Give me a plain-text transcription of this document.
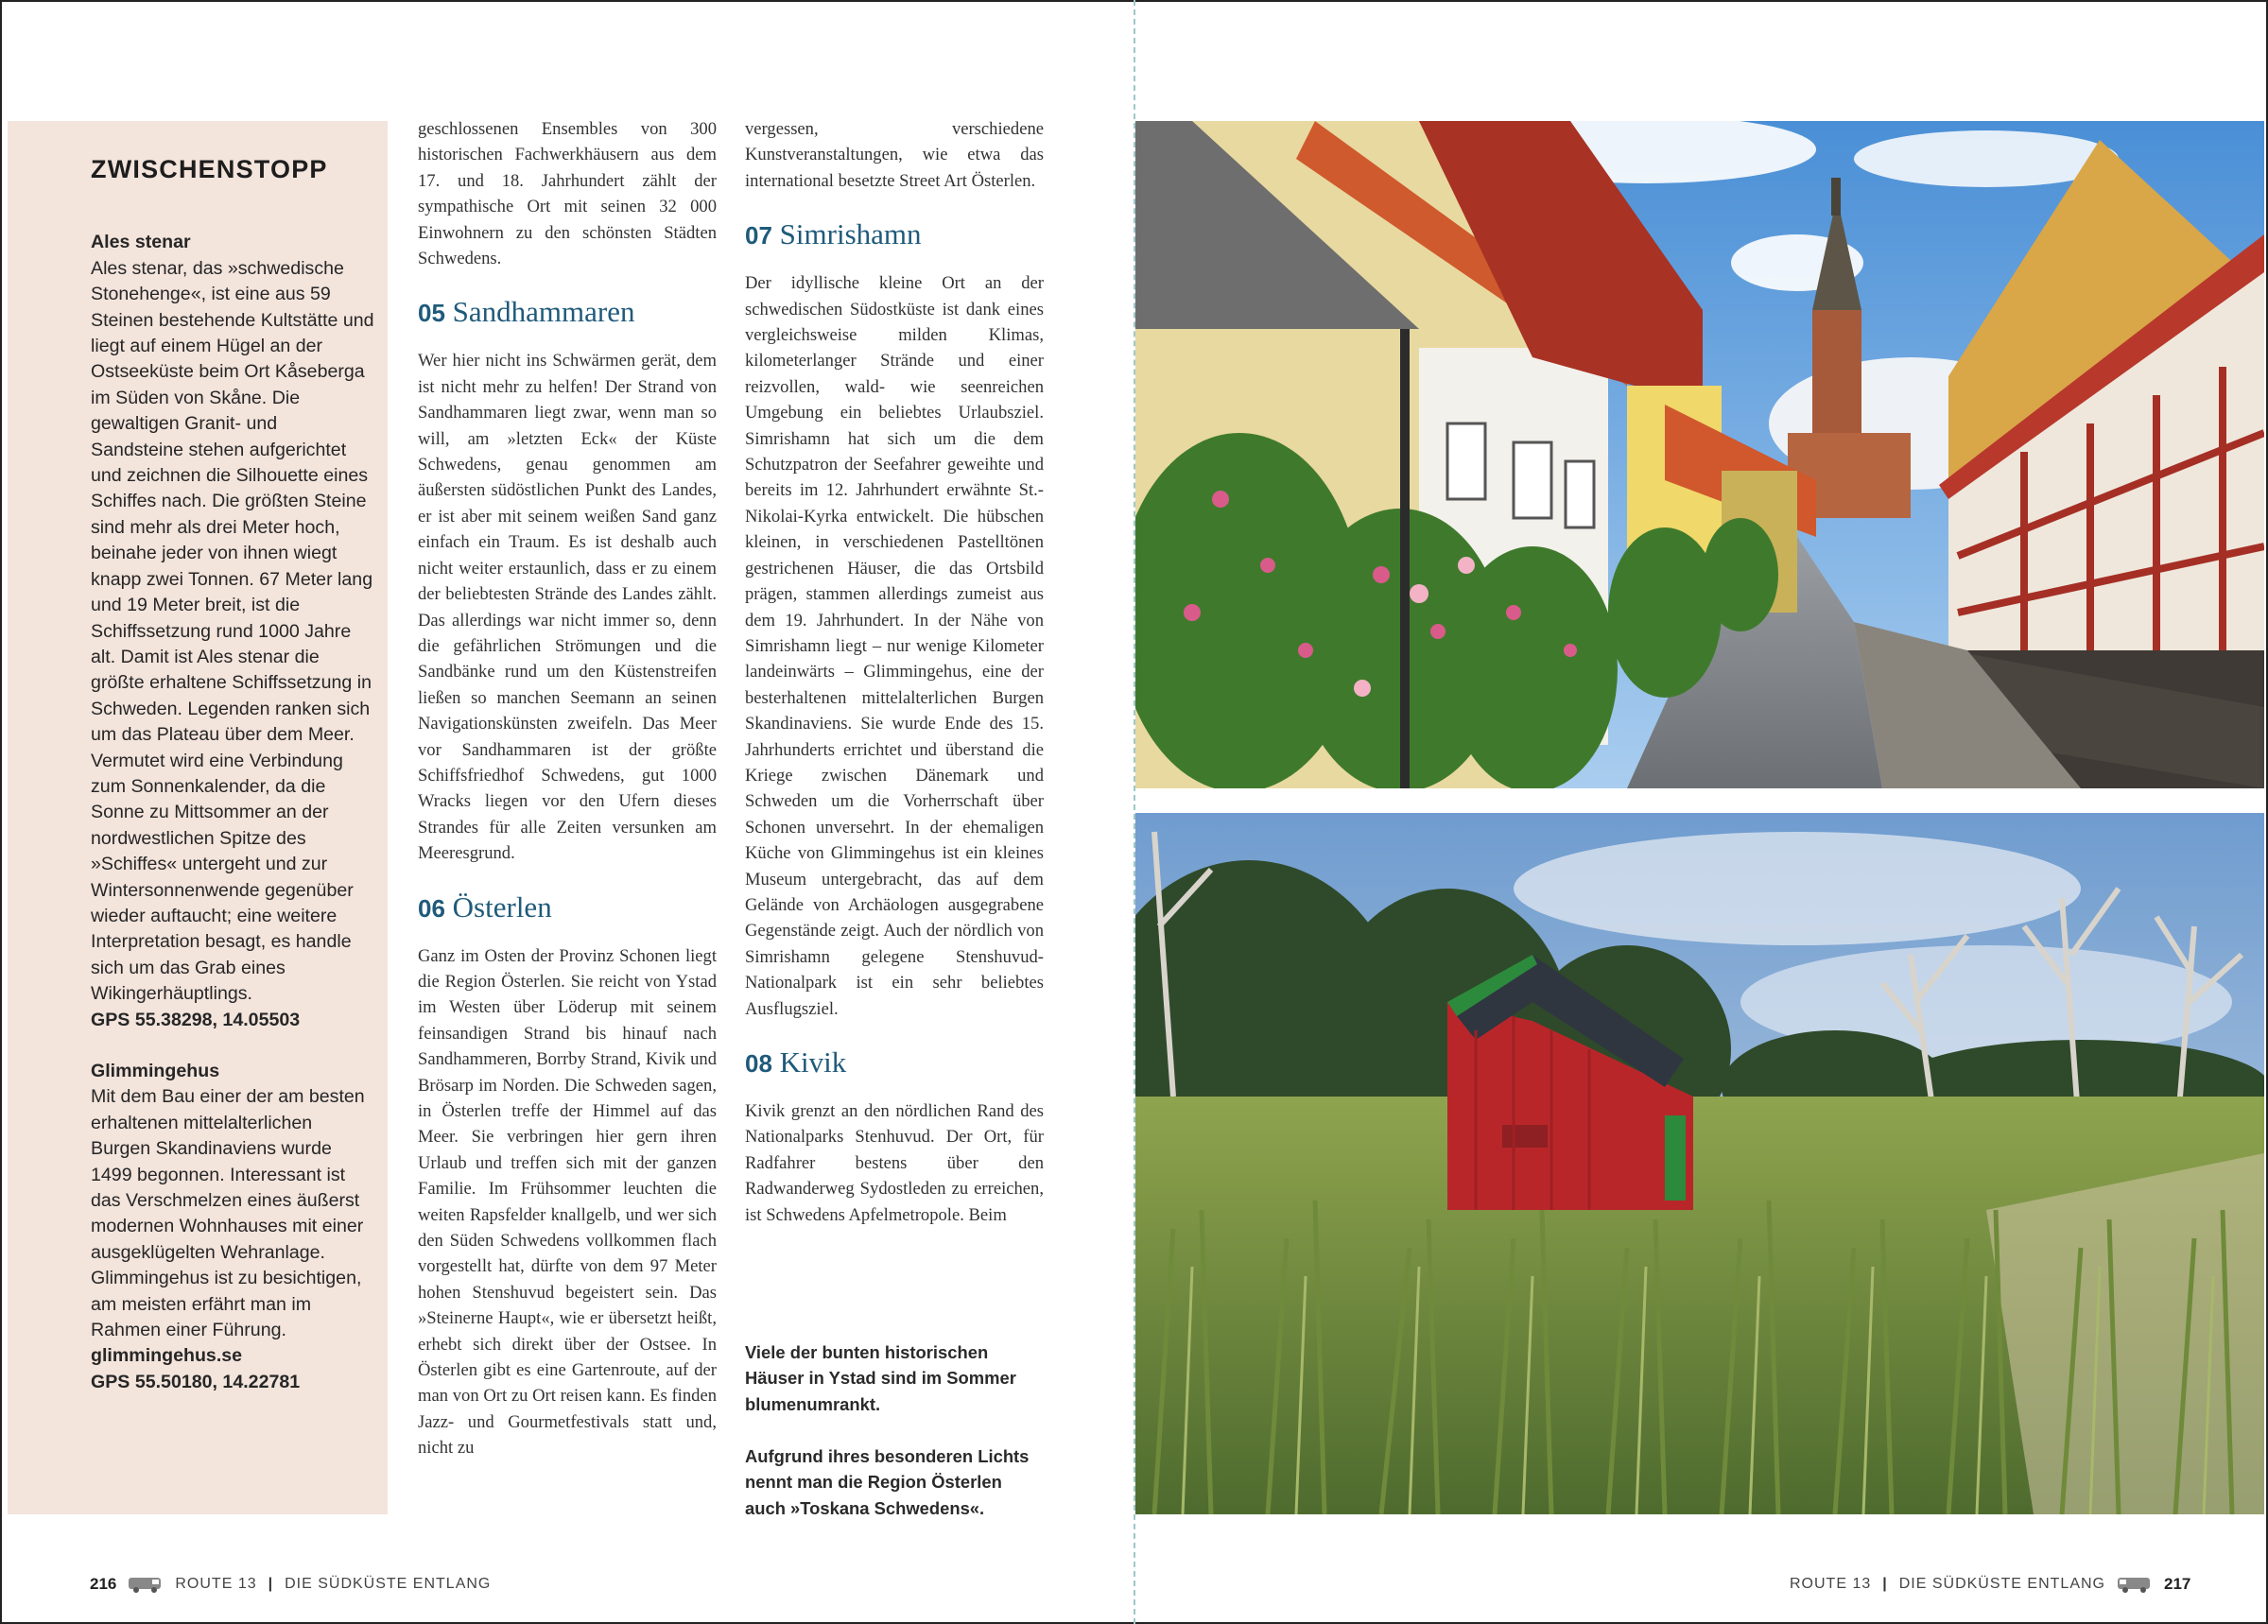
ZWISCHENSTOPP
Ales stenar
Ales stenar, das »schwedische Stonehenge«, ist eine aus 59 Steinen bestehende Kultstätte und liegt auf einem Hügel an der Ostseeküste beim Ort Kåseberga im Süden von Skåne. Die gewaltigen Granit- und Sandsteine stehen aufgerichtet und zeichnen die Silhouette eines Schiffes nach. Die größten Steine sind mehr als drei Meter hoch, beinahe jeder von ihnen wiegt knapp zwei Tonnen. 67 Meter lang und 19 Meter breit, ist die Schiffssetzung rund 1000 Jahre alt. Damit ist Ales stenar die größte erhaltene Schiffssetzung in Schweden. Legenden ranken sich um das Plateau über dem Meer. Vermutet wird eine Verbindung zum Sonnenkalender, da die Sonne zu Mittsommer an der nordwestlichen Spitze des »Schiffes« untergeht und zur Wintersonnenwende gegenüber wieder auftaucht; eine weitere Interpretation besagt, es handle sich um das Grab eines Wikingerhäuptlings.
GPS 55.38298, 14.05503
Glimmingehus
Mit dem Bau einer der am besten erhaltenen mittelalterlichen Burgen Skandinaviens wurde 1499 begonnen. Interessant ist das Verschmelzen eines äußerst modernen Wohnhauses mit einer ausgeklügelten Wehranlage. Glimmingehus ist zu besichtigen, am meisten erfährt man im Rahmen einer Führung.
glimmingehus.se
GPS 55.50180, 14.22781

geschlossenen Ensembles von 300 historischen Fachwerkhäusern aus dem 17. und 18. Jahrhundert zählt der sympathische Ort mit seinen 32 000 Einwohnern zu den schönsten Städten Schwedens.

05 Sandhammaren

Wer hier nicht ins Schwärmen gerät, dem ist nicht mehr zu helfen! Der Strand von Sandhammaren liegt zwar, wenn man so will, am »letzten Eck« der Küste Schwedens, genau genommen am äußersten südöstlichen Punkt des Landes, er ist aber mit seinem weißen Sand ganz einfach ein Traum. Es ist deshalb auch nicht weiter erstaunlich, dass er zu einem der beliebtesten Strände des Landes zählt. Das allerdings war nicht immer so, denn die gefährlichen Strömungen und die Sandbänke rund um den Küstenstreifen ließen so manchen Seemann an seinen Navigationskünsten zweifeln. Das Meer vor Sandhammaren ist der größte Schiffsfriedhof Schwedens, gut 1000 Wracks liegen vor den Ufern dieses Strandes für alle Zeiten versunken am Meeresgrund.

06 Österlen

Ganz im Osten der Provinz Schonen liegt die Region Österlen. Sie reicht von Ystad im Westen über Löderup mit seinem feinsandigen Strand bis hinauf nach Sandhammeren, Borrby Strand, Kivik und Brösarp im Norden. Die Schweden sagen, in Österlen treffe der Himmel auf das Meer. Sie verbringen hier gern ihren Urlaub und treffen sich mit der ganzen Familie. Im Frühsommer leuchten die weiten Rapsfelder knallgelb, und wer sich den Süden Schwedens vollkommen flach vorgestellt hat, dürfte von dem 97 Meter hohen Stenshuvud begeistert sein. Das »Steinerne Haupt«, wie er übersetzt heißt, erhebt sich direkt über der Ostsee. In Österlen gibt es eine Gartenroute, auf der man von Ort zu Ort reisen kann. Es finden Jazz- und Gourmetfestivals statt und, nicht zu

vergessen, verschiedene Kunstveranstaltungen, wie etwa das international besetzte Street Art Österlen.

07 Simrishamn

Der idyllische kleine Ort an der schwedischen Südostküste ist dank eines vergleichsweise milden Klimas, kilometerlanger Strände und einer reizvollen, wald- wie seenreichen Umgebung ein beliebtes Urlaubsziel. Simrishamn hat sich um die dem Schutzpatron der Seefahrer geweihte und bereits im 12. Jahrhundert erwähnte St.-Nikolai-Kyrka entwickelt. Die hübschen kleinen, in verschiedenen Pastelltönen gestrichenen Häuser, die das Ortsbild prägen, stammen allerdings zumeist aus dem 19. Jahrhundert. In der Nähe von Simrishamn liegt – nur wenige Kilometer landeinwärts – Glimmingehus, eine der besterhaltenen mittelalterlichen Burgen Skandinaviens. Sie wurde Ende des 15. Jahrhunderts errichtet und überstand die Kriege zwischen Dänemark und Schweden um die Vorherrschaft über Schonen unversehrt. In der ehemaligen Küche von Glimmingehus ist ein kleines Museum untergebracht, das auf dem Gelände von Archäologen ausgegrabene Gegenstände zeigt. Auch der nördlich von Simrishamn gelegene Stenshuvud-Nationalpark ist ein sehr beliebtes Ausflugsziel.

08 Kivik

Kivik grenzt an den nördlichen Rand des Nationalparks Stenhuvud. Der Ort, für Radfahrer bestens über den Radwanderweg Sydostleden zu erreichen, ist Schwedens Apfelmetropole. Beim

Viele der bunten historischen Häuser in Ystad sind im Sommer blumenumrankt.
Aufgrund ihres besonderen Lichts nennt man die Region Österlen auch »Toskana Schwedens«.
216	ROUTE 13 | DIE SÜDKÜSTE ENTLANG	ROUTE 13 | DIE SÜDKÜSTE ENTLANG	217
